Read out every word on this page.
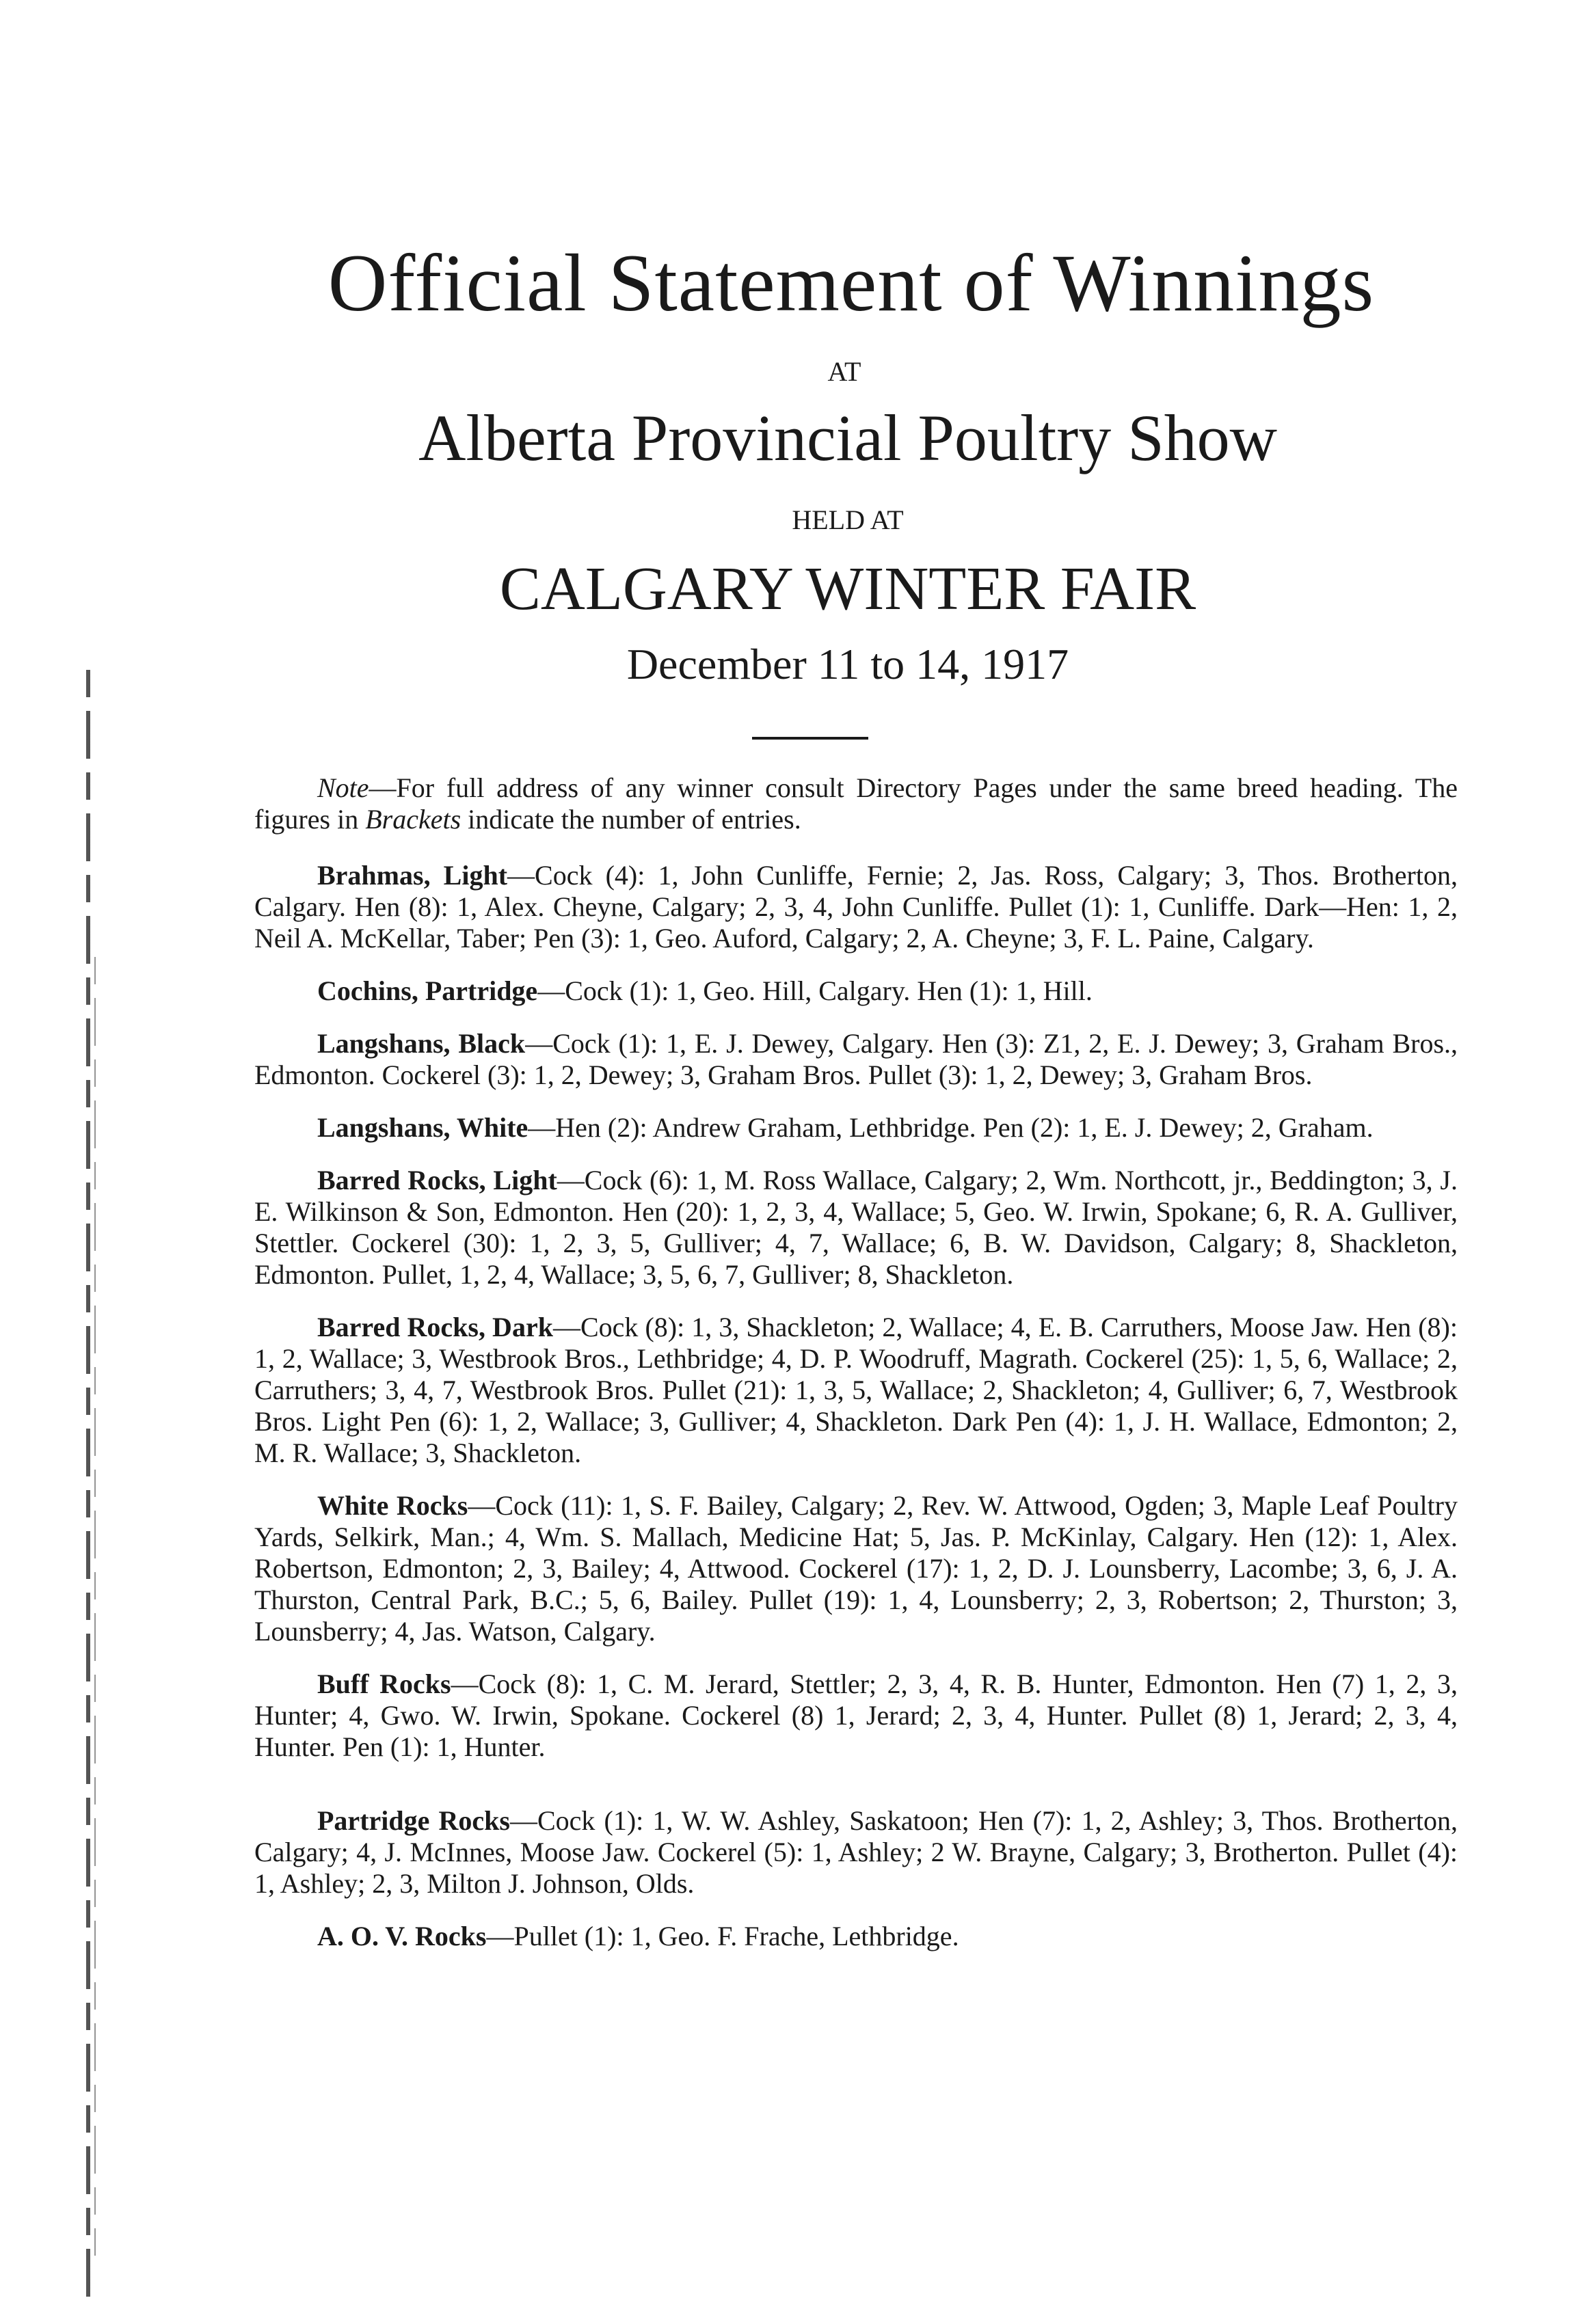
Official Statement of Winnings
AT
Alberta Provincial Poultry Show
HELD AT
CALGARY WINTER FAIR
December 11 to 14, 1917

Note—For full address of any winner consult Directory Pages under the same breed heading. The figures in Brackets indicate the number of entries.

Brahmas, Light—Cock (4): 1, John Cunliffe, Fernie; 2, Jas. Ross, Calgary; 3, Thos. Brotherton, Calgary. Hen (8): 1, Alex. Cheyne, Calgary; 2, 3, 4, John Cunliffe. Pullet (1): 1, Cunliffe. Dark—Hen: 1, 2, Neil A. McKellar, Taber; Pen (3): 1, Geo. Auford, Calgary; 2, A. Cheyne; 3, F. L. Paine, Calgary.

Cochins, Partridge—Cock (1): 1, Geo. Hill, Calgary. Hen (1): 1, Hill.

Langshans, Black—Cock (1): 1, E. J. Dewey, Calgary. Hen (3): Z1, 2, E. J. Dewey; 3, Graham Bros., Edmonton. Cockerel (3): 1, 2, Dewey; 3, Graham Bros. Pullet (3): 1, 2, Dewey; 3, Graham Bros.

Langshans, White—Hen (2): Andrew Graham, Lethbridge. Pen (2): 1, E. J. Dewey; 2, Graham.

Barred Rocks, Light—Cock (6): 1, M. Ross Wallace, Calgary; 2, Wm. Northcott, jr., Beddington; 3, J. E. Wilkinson & Son, Edmonton. Hen (20): 1, 2, 3, 4, Wallace; 5, Geo. W. Irwin, Spokane; 6, R. A. Gulliver, Stettler. Cockerel (30): 1, 2, 3, 5, Gulliver; 4, 7, Wallace; 6, B. W. Davidson, Calgary; 8, Shackleton, Edmonton. Pullet, 1, 2, 4, Wallace; 3, 5, 6, 7, Gulliver; 8, Shackleton.

Barred Rocks, Dark—Cock (8): 1, 3, Shackleton; 2, Wallace; 4, E. B. Carruthers, Moose Jaw. Hen (8): 1, 2, Wallace; 3, Westbrook Bros., Lethbridge; 4, D. P. Woodruff, Magrath. Cockerel (25): 1, 5, 6, Wallace; 2, Carruthers; 3, 4, 7, Westbrook Bros. Pullet (21): 1, 3, 5, Wallace; 2, Shackleton; 4, Gulliver; 6, 7, Westbrook Bros. Light Pen (6): 1, 2, Wallace; 3, Gulliver; 4, Shackleton. Dark Pen (4): 1, J. H. Wallace, Edmonton; 2, M. R. Wallace; 3, Shackleton.

White Rocks—Cock (11): 1, S. F. Bailey, Calgary; 2, Rev. W. Attwood, Ogden; 3, Maple Leaf Poultry Yards, Selkirk, Man.; 4, Wm. S. Mallach, Medicine Hat; 5, Jas. P. McKinlay, Calgary. Hen (12): 1, Alex. Robertson, Edmonton; 2, 3, Bailey; 4, Attwood. Cockerel (17): 1, 2, D. J. Lounsberry, Lacombe; 3, 6, J. A. Thurston, Central Park, B.C.; 5, 6, Bailey. Pullet (19): 1, 4, Lounsberry; 2, 3, Robertson; 2, Thurston; 3, Lounsberry; 4, Jas. Watson, Calgary.

Buff Rocks—Cock (8): 1, C. M. Jerard, Stettler; 2, 3, 4, R. B. Hunter, Edmonton. Hen (7) 1, 2, 3, Hunter; 4, Gwo. W. Irwin, Spokane. Cockerel (8) 1, Jerard; 2, 3, 4, Hunter. Pullet (8) 1, Jerard; 2, 3, 4, Hunter. Pen (1): 1, Hunter.

Partridge Rocks—Cock (1): 1, W. W. Ashley, Saskatoon; Hen (7): 1, 2, Ashley; 3, Thos. Brotherton, Calgary; 4, J. McInnes, Moose Jaw. Cockerel (5): 1, Ashley; 2 W. Brayne, Calgary; 3, Brotherton. Pullet (4): 1, Ashley; 2, 3, Milton J. Johnson, Olds.

A. O. V. Rocks—Pullet (1): 1, Geo. F. Frache, Lethbridge.
